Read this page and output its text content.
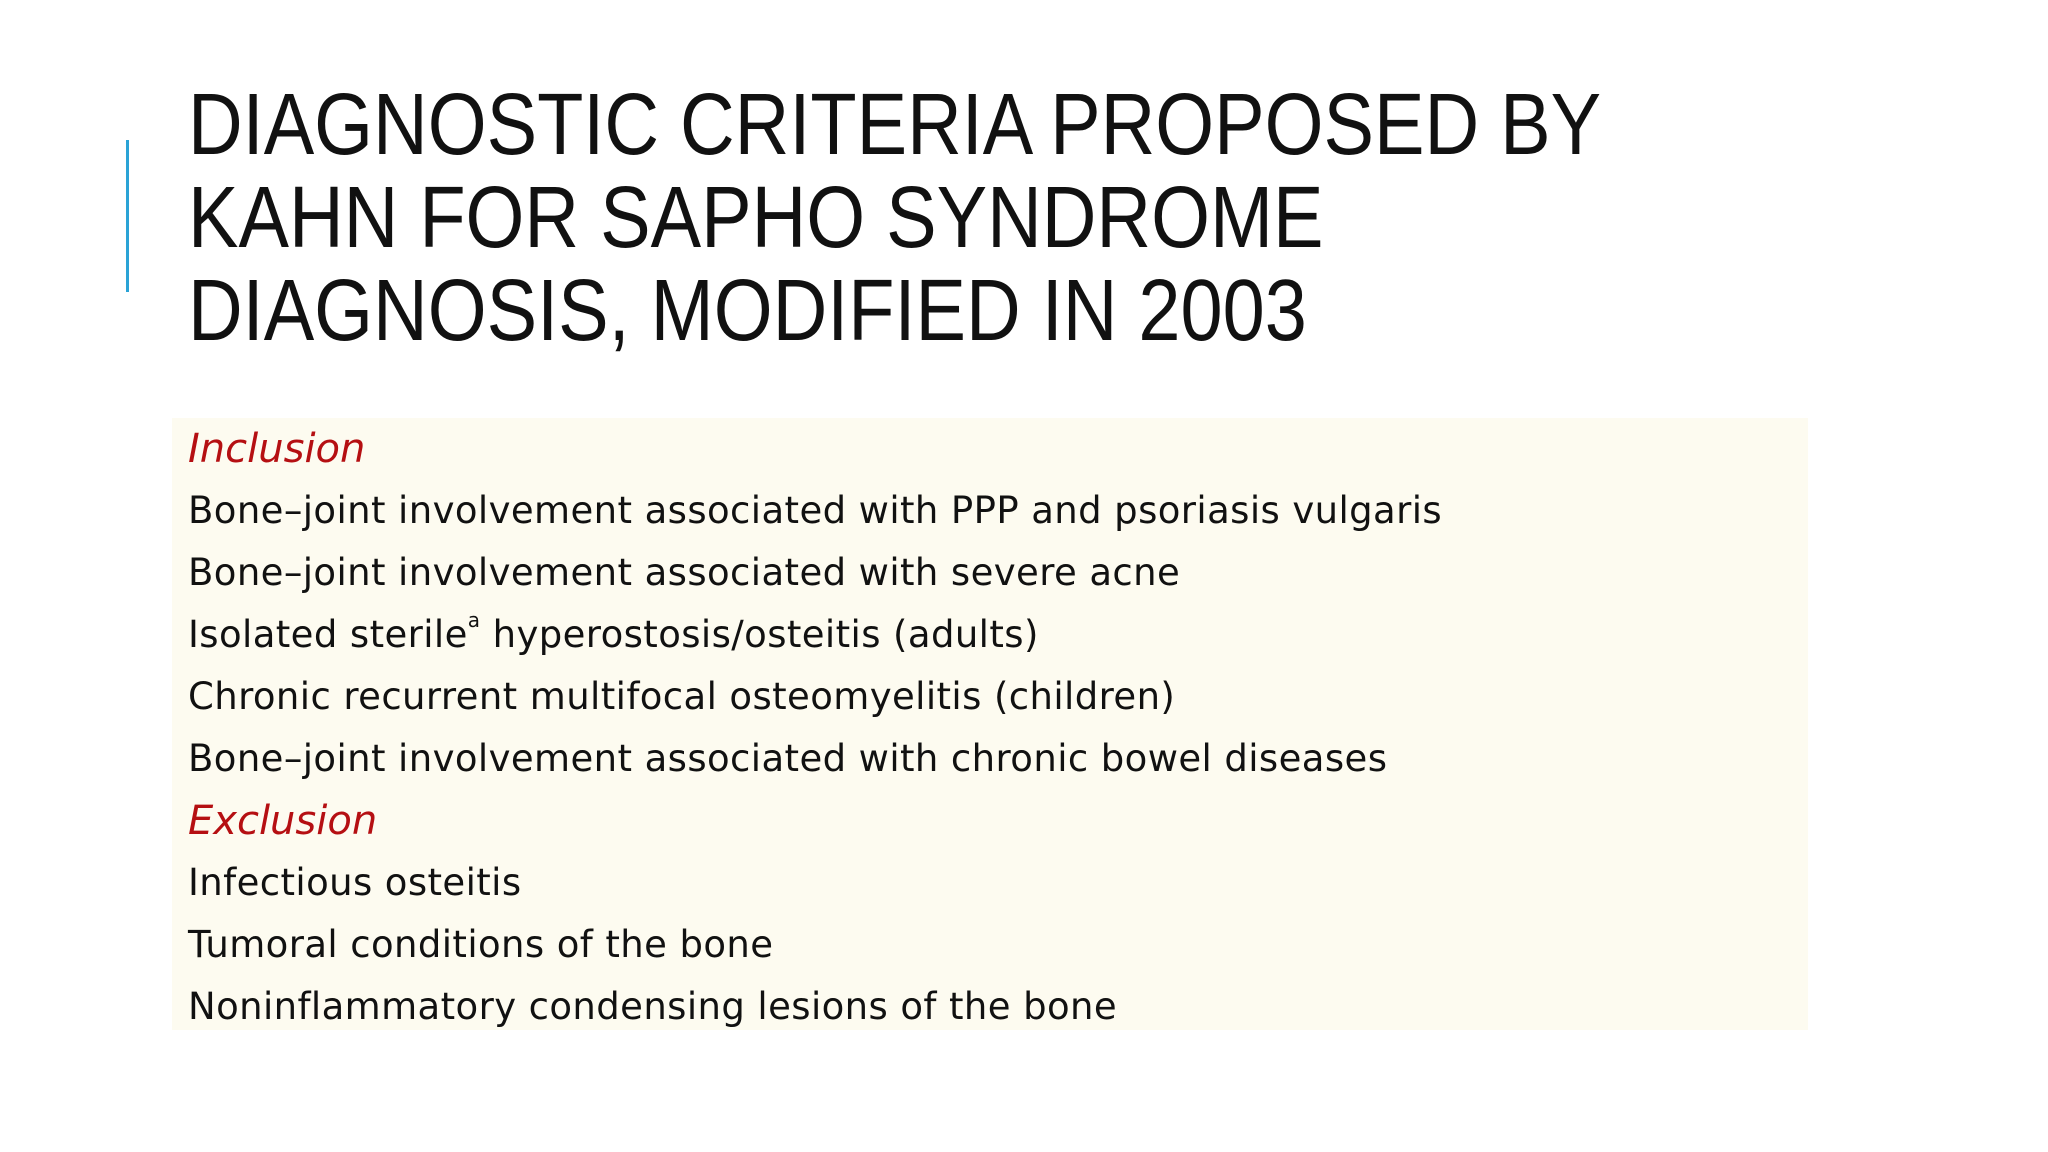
DIAGNOSTIC CRITERIA PROPOSED BY
KAHN FOR SAPHO SYNDROME
DIAGNOSIS, MODIFIED IN 2003
Inclusion
Bone–joint involvement associated with PPP and psoriasis vulgaris
Bone–joint involvement associated with severe acne
Isolated sterile$^a$ hyperostosis/osteitis (adults)
Chronic recurrent multifocal osteomyelitis (children)
Bone–joint involvement associated with chronic bowel diseases
Exclusion
Infectious osteitis
Tumoral conditions of the bone
Noninflammatory condensing lesions of the bone
